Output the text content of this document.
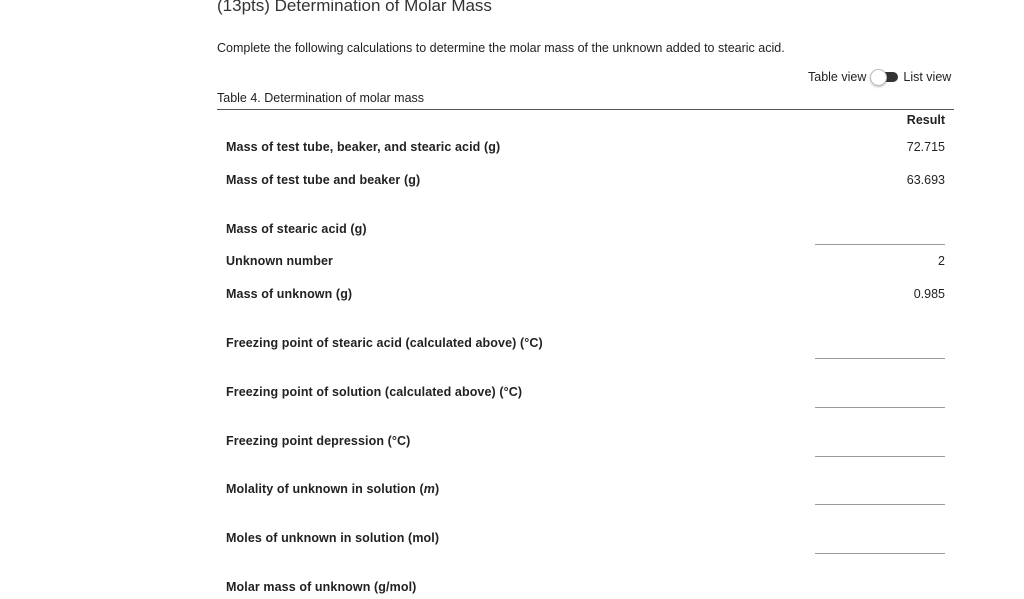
(13pts) Determination of Molar Mass
Complete the following calculations to determine the molar mass of the unknown added to stearic acid.
Table view	List view
Table 4. Determination of molar mass
Result
Mass of test tube, beaker, and stearic acid (g)	72.715
Mass of test tube and beaker (g)	63.693
Mass of stearic acid (g)
Unknown number	2
Mass of unknown (g)	0.985
Freezing point of stearic acid (calculated above) (°C)
Freezing point of solution (calculated above) (°C)
Freezing point depression (°C)
Molality of unknown in solution (m)
Moles of unknown in solution (mol)
Molar mass of unknown (g/mol)
